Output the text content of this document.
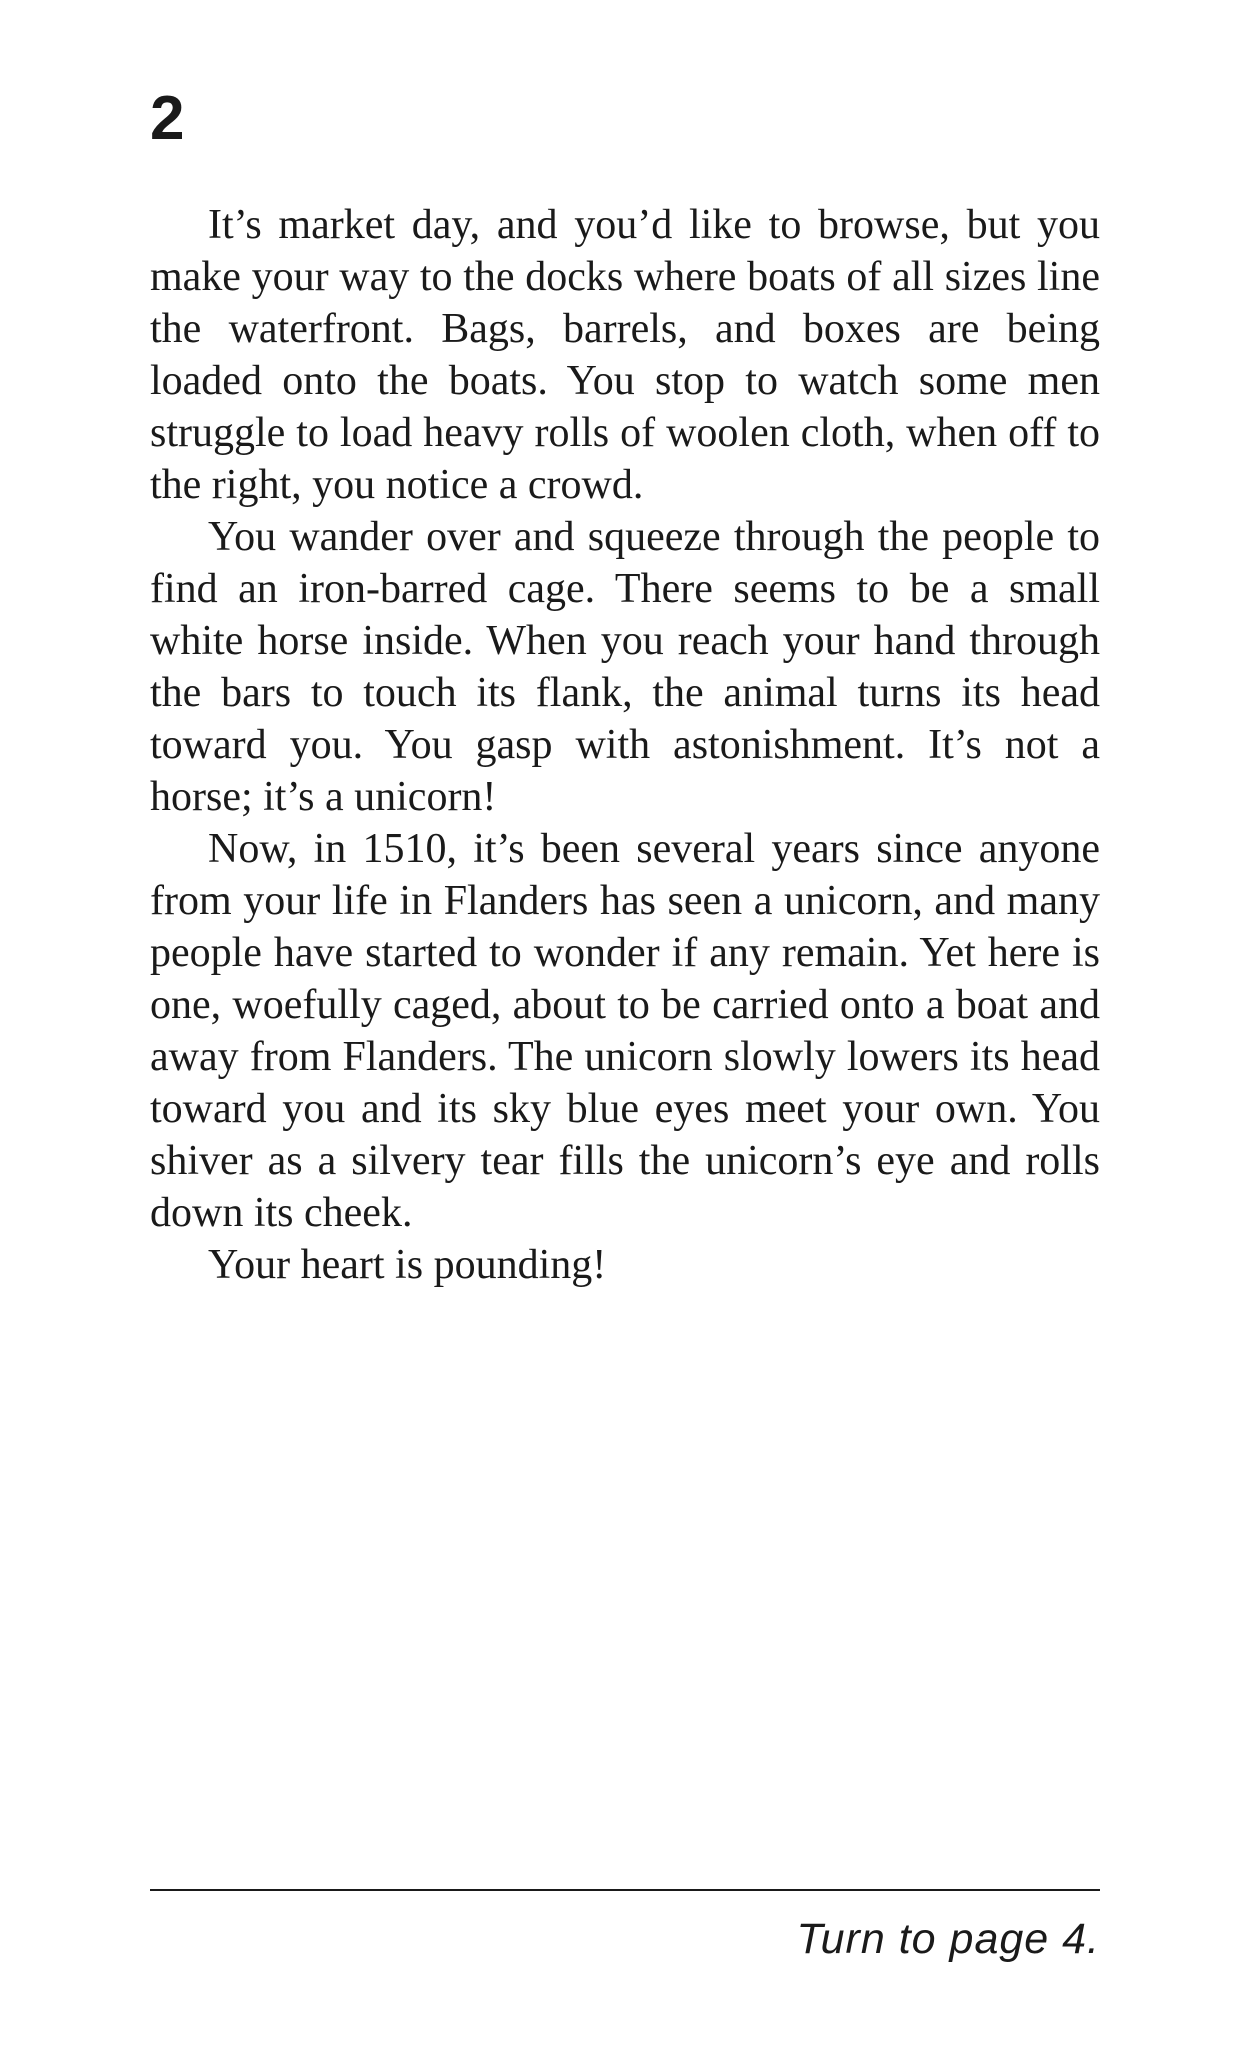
2

It’s market day, and you’d like to browse, but you make your way to the docks where boats of all sizes line the waterfront. Bags, barrels, and boxes are being loaded onto the boats. You stop to watch some men struggle to load heavy rolls of woolen cloth, when off to the right, you notice a crowd.

You wander over and squeeze through the people to find an iron-barred cage. There seems to be a small white horse inside. When you reach your hand through the bars to touch its flank, the animal turns its head toward you. You gasp with astonishment. It’s not a horse; it’s a unicorn!

Now, in 1510, it’s been several years since anyone from your life in Flanders has seen a unicorn, and many people have started to wonder if any remain. Yet here is one, woefully caged, about to be carried onto a boat and away from Flanders. The unicorn slowly lowers its head toward you and its sky blue eyes meet your own. You shiver as a silvery tear fills the unicorn’s eye and rolls down its cheek.

Your heart is pounding!

Turn to page 4.
